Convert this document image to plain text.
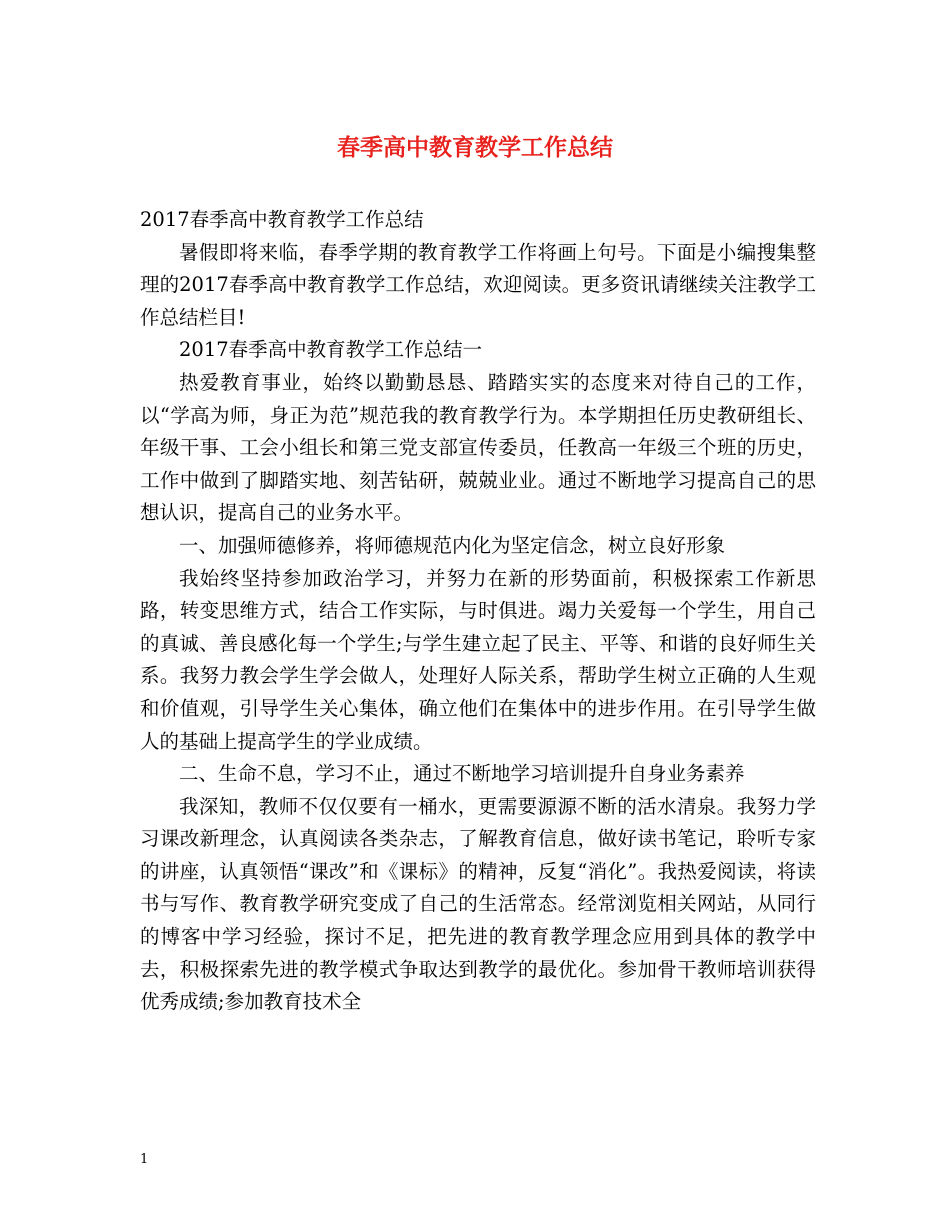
春季高中教育教学工作总结

2017春季高中教育教学工作总结

暑假即将来临，春季学期的教育教学工作将画上句号。下面是小编搜集整理的2017春季高中教育教学工作总结，欢迎阅读。更多资讯请继续关注教学工作总结栏目!

2017春季高中教育教学工作总结一

热爱教育事业，始终以勤勤恳恳、踏踏实实的态度来对待自己的工作，以“学高为师，身正为范”规范我的教育教学行为。本学期担任历史教研组长、年级干事、工会小组长和第三党支部宣传委员，任教高一年级三个班的历史，工作中做到了脚踏实地、刻苦钻研，兢兢业业。通过不断地学习提高自己的思想认识，提高自己的业务水平。

一、加强师德修养，将师德规范内化为坚定信念，树立良好形象

我始终坚持参加政治学习，并努力在新的形势面前，积极探索工作新思路，转变思维方式，结合工作实际，与时俱进。竭力关爱每一个学生，用自己的真诚、善良感化每一个学生;与学生建立起了民主、平等、和谐的良好师生关系。我努力教会学生学会做人，处理好人际关系，帮助学生树立正确的人生观和价值观，引导学生关心集体，确立他们在集体中的进步作用。在引导学生做人的基础上提高学生的学业成绩。

二、生命不息，学习不止，通过不断地学习培训提升自身业务素养

我深知，教师不仅仅要有一桶水，更需要源源不断的活水清泉。我努力学习课改新理念，认真阅读各类杂志，了解教育信息，做好读书笔记，聆听专家的讲座，认真领悟“课改”和《课标》的精神，反复“消化”。我热爱阅读，将读书与写作、教育教学研究变成了自己的生活常态。经常浏览相关网站，从同行的博客中学习经验，探讨不足，把先进的教育教学理念应用到具体的教学中去，积极探索先进的教学模式争取达到教学的最优化。参加骨干教师培训获得优秀成绩;参加教育技术全

1
